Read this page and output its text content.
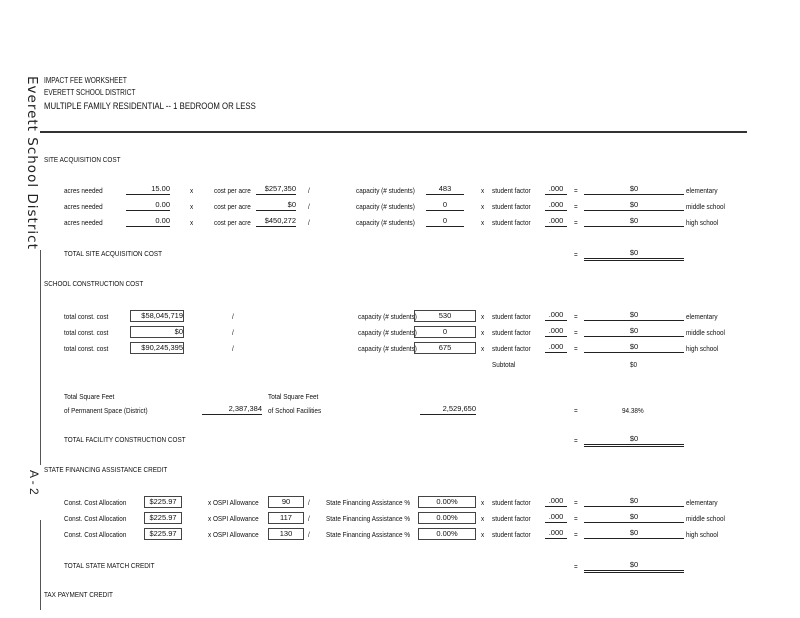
Everett School District
A - 2
IMPACT FEE WORKSHEET
EVERETT SCHOOL DISTRICT
MULTIPLE FAMILY RESIDENTIAL -- 1 BEDROOM OR LESS
SITE ACQUISITION COST
acres needed	15.00	x	cost per acre	$257,350 /	capacity (# students)	483	x student factor	.000	=	$0	elementary
acres needed	0.00	x	cost per acre	$0 /	capacity (# students)	0	x student factor	.000	=	$0	middle school
acres needed	0.00	x	cost per acre	$450,272 /	capacity (# students)	0	x student factor	.000	=	$0	high school
TOTAL SITE ACQUISITION COST	=	$0
SCHOOL CONSTRUCTION COST
total const. cost	$58,045,719	/	capacity (# students)	530	x student factor	.000	=	$0	elementary
total const. cost	$0	/	capacity (# students)	0	x student factor	.000	=	$0	middle school
total const. cost	$90,245,395	/	capacity (# students)	675	x student factor	.000	=	$0	high school
Subtotal	$0
Total Square Feet
of Permanent Space (District)	2,387,384
Total Square Feet
of School Facilities	2,529,650	=	94.38%
TOTAL FACILITY CONSTRUCTION COST	=	$0
STATE FINANCING ASSISTANCE CREDIT
Const. Cost Allocation	$225.97	x OSPI Allowance	90	/ State Financing Assistance %	0.00%	x student factor	.000	=	$0	elementary
Const. Cost Allocation	$225.97	x OSPI Allowance	117	/ State Financing Assistance %	0.00%	x student factor	.000	=	$0	middle school
Const. Cost Allocation	$225.97	x OSPI Allowance	130	/ State Financing Assistance %	0.00%	x student factor	.000	=	$0	high school
TOTAL STATE MATCH CREDIT	=	$0
TAX PAYMENT CREDIT
